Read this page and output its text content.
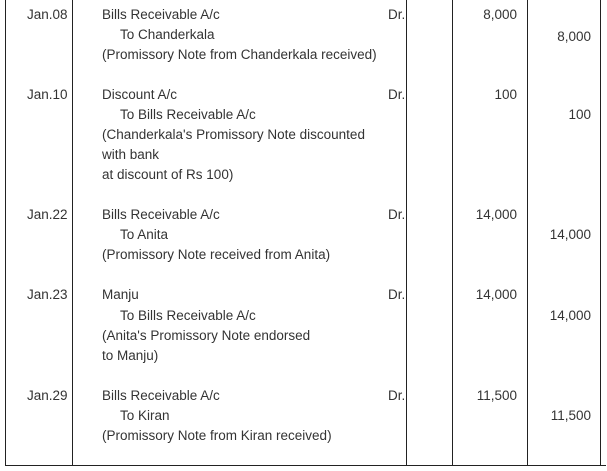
Jan.08	Bills Receivable A/c	Dr.	8,000
To Chanderkala	8,000
(Promissory Note from Chanderkala received)
Jan.10	Discount A/c	Dr.	100
To Bills Receivable A/c	100
(Chanderkala's Promissory Note discounted
with bank
at discount of Rs 100)
Jan.22	Bills Receivable A/c	Dr.	14,000
To Anita	14,000
(Promissory Note received from Anita)
Jan.23	Manju	Dr.	14,000
To Bills Receivable A/c	14,000
(Anita's Promissory Note endorsed
to Manju)
Jan.29	Bills Receivable A/c	Dr.	11,500
To Kiran	11,500
(Promissory Note from Kiran received)
